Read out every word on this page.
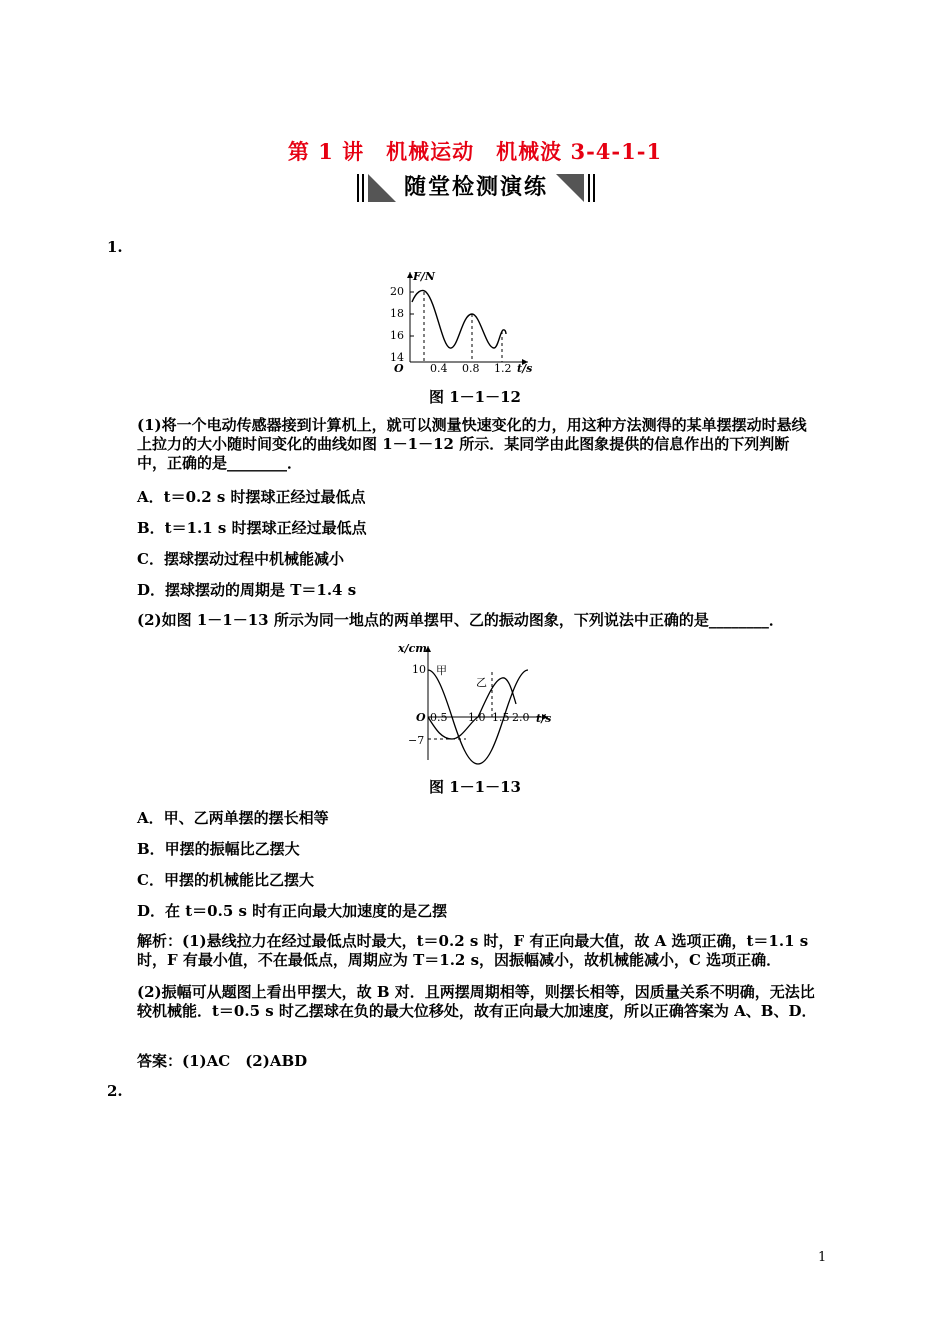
第 1 讲　机械运动　机械波 3-4-1-1
随堂检测演练
1.
F/N
t/s
O
20
18
16
14
0.4 0.8 1.2
图 1－1－12
(1)将一个电动传感器接到计算机上，就可以测量快速变化的力，用这种方法测得的某单摆摆动时悬线上拉力的大小随时间变化的曲线如图 1－1－12 所示．某同学由此图象提供的信息作出的下列判断中，正确的是________．
A．t＝0.2 s 时摆球正经过最低点
B．t＝1.1 s 时摆球正经过最低点
C．摆球摆动过程中机械能减小
D．摆球摆动的周期是 T＝1.4 s
(2)如图 1－1－13 所示为同一地点的两单摆甲、乙的振动图象，下列说法中正确的是________．
x/cm
t/s
O
10
−7
0.5 1.0 1.5 2.0
甲
乙
图 1－1－13
A．甲、乙两单摆的摆长相等
B．甲摆的振幅比乙摆大
C．甲摆的机械能比乙摆大
D．在 t＝0.5 s 时有正向最大加速度的是乙摆
解析：(1)悬线拉力在经过最低点时最大，t＝0.2 s 时，F 有正向最大值，故 A 选项正确，t＝1.1 s 时，F 有最小值，不在最低点，周期应为 T＝1.2 s，因振幅减小，故机械能减小，C 选项正确．
(2)振幅可从题图上看出甲摆大，故 B 对．且两摆周期相等，则摆长相等，因质量关系不明确，无法比较机械能．t＝0.5 s 时乙摆球在负的最大位移处，故有正向最大加速度，所以正确答案为 A、B、D．
答案：(1)AC　(2)ABD
2.
1
